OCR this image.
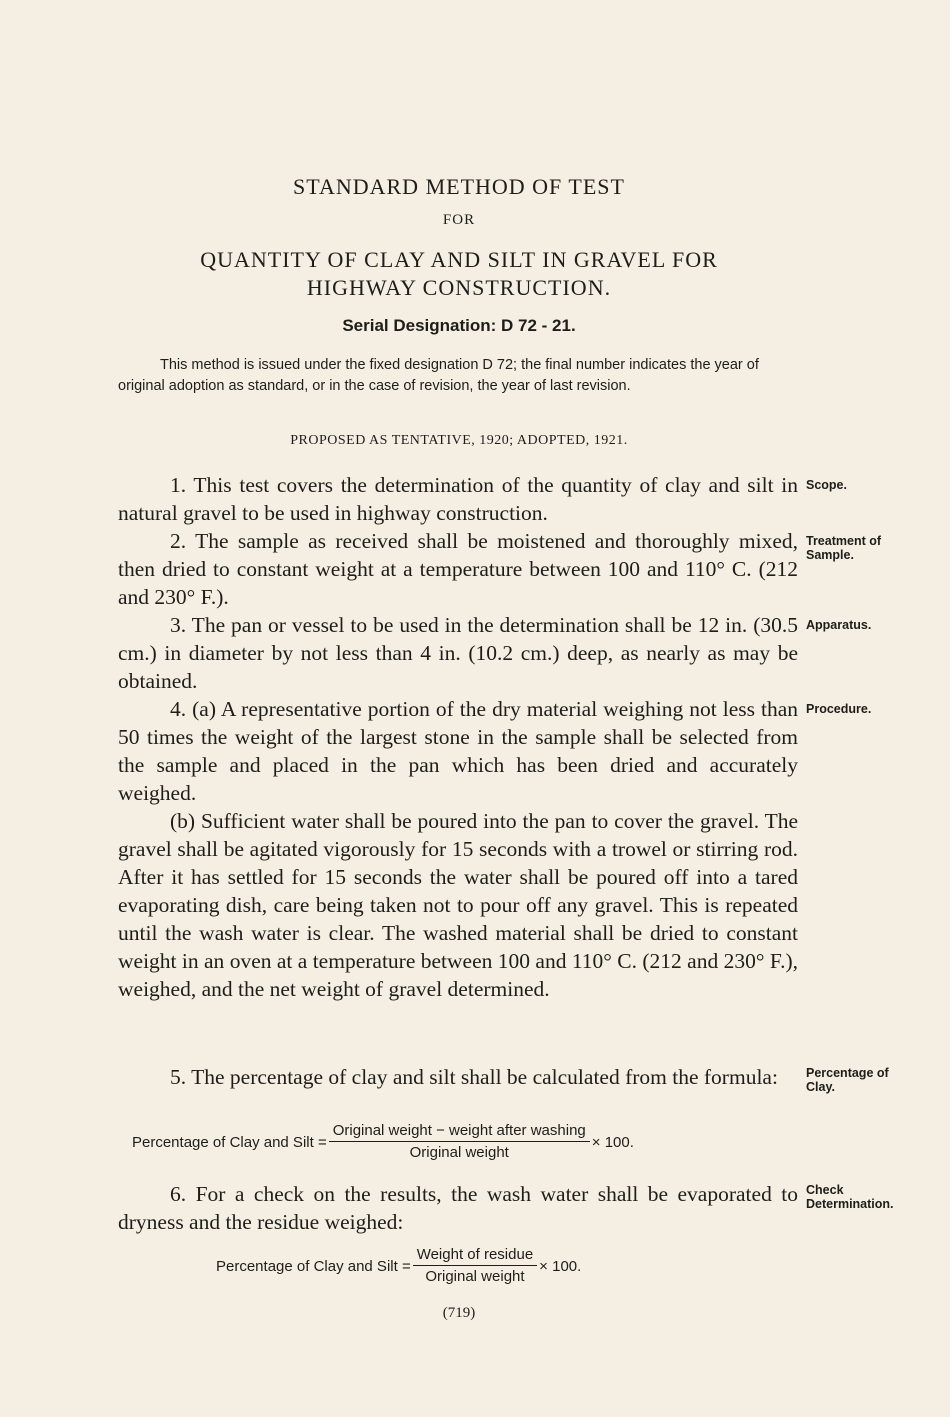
STANDARD METHOD OF TEST
FOR
QUANTITY OF CLAY AND SILT IN GRAVEL FOR
HIGHWAY CONSTRUCTION.
Serial Designation: D 72 - 21.
This method is issued under the fixed designation D 72; the final number indicates the year of original adoption as standard, or in the case of revision, the year of last revision.
PROPOSED AS TENTATIVE, 1920; ADOPTED, 1921.

1. This test covers the determination of the quantity of clay and silt in natural gravel to be used in highway construction.

Scope.

2. The sample as received shall be moistened and thoroughly mixed, then dried to constant weight at a temperature between 100 and 110° C. (212 and 230° F.).

Treatment of
Sample.

3. The pan or vessel to be used in the determination shall be 12 in. (30.5 cm.) in diameter by not less than 4 in. (10.2 cm.) deep, as nearly as may be obtained.

Apparatus.

4. (a) A representative portion of the dry material weighing not less than 50 times the weight of the largest stone in the sample shall be selected from the sample and placed in the pan which has been dried and accurately weighed.

(b) Sufficient water shall be poured into the pan to cover the gravel. The gravel shall be agitated vigorously for 15 seconds with a trowel or stirring rod. After it has settled for 15 seconds the water shall be poured off into a tared evaporating dish, care being taken not to pour off any gravel. This is repeated until the wash water is clear. The washed material shall be dried to constant weight in an oven at a temperature between 100 and 110° C. (212 and 230° F.), weighed, and the net weight of gravel determined.

Procedure.

5. The percentage of clay and silt shall be calculated from the formula:	Percentage of
Clay.
Percentage of Clay and Silt = $\frac{\text{Original weight − weight after washing}}{\text{Original weight}} \times 100$.

6. For a check on the results, the wash water shall be evaporated to dryness and the residue weighed:

Check
Determination.
Percentage of Clay and Silt = $\frac{\text{Weight of residue}}{\text{Original weight}} \times 100$.
(719)
